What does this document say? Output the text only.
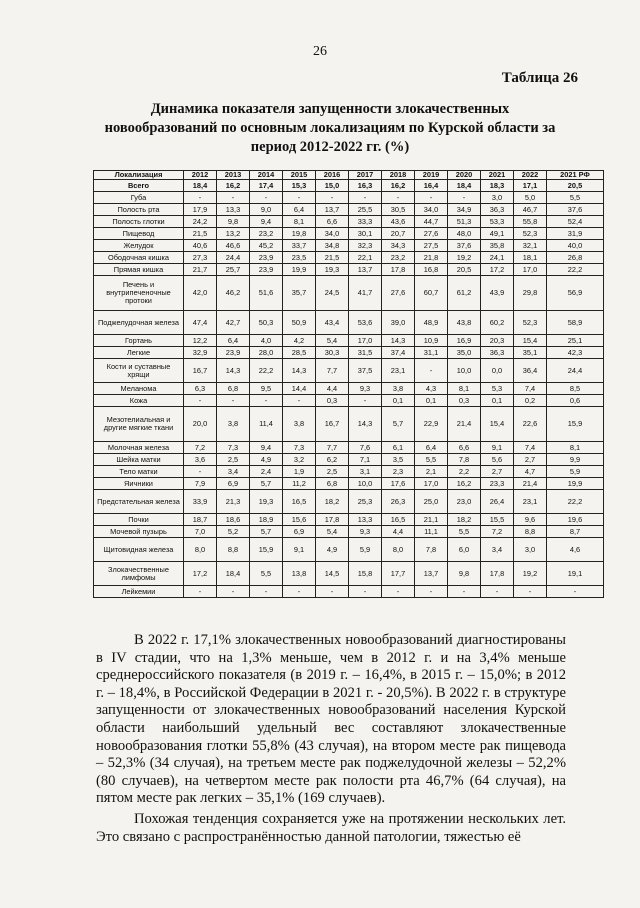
26
Таблица 26
Динамика показателя запущенности злокачественных
новообразований по основным локализациям по Курской области за
период 2012-2022 гг. (%)
Локализация	2012	2013	2014	2015	2016	2017	2018	2019	2020	2021	2022	2021 РФ
Всего	18,4	16,2	17,4	15,3	15,0	16,3	16,2	16,4	18,4	18,3	17,1	20,5
Губа	-	-	-	-	-	-	-	-	-	3,0	5,0	5,5
Полость рта	17,9	13,3	9,0	6,4	13,7	25,5	30,5	34,0	34,9	36,3	46,7	37,6
Полость глотки	24,2	9,8	9,4	8,1	6,6	33,3	43,6	44,7	51,3	53,3	55,8	52,4
Пищевод	21,5	13,2	23,2	19,8	34,0	30,1	20,7	27,6	48,0	49,1	52,3	31,9
Желудок	40,6	46,6	45,2	33,7	34,8	32,3	34,3	27,5	37,6	35,8	32,1	40,0
Ободочная кишка	27,3	24,4	23,9	23,5	21,5	22,1	23,2	21,8	19,2	24,1	18,1	26,8
Прямая кишка	21,7	25,7	23,9	19,9	19,3	13,7	17,8	16,8	20,5	17,2	17,0	22,2
Печень и внутрипеченочные протоки	42,0	46,2	51,6	35,7	24,5	41,7	27,6	60,7	61,2	43,9	29,8	56,9
Поджелудочная железа	47,4	42,7	50,3	50,9	43,4	53,6	39,0	48,9	43,8	60,2	52,3	58,9
Гортань	12,2	6,4	4,0	4,2	5,4	17,0	14,3	10,9	16,9	20,3	15,4	25,1
Легкие	32,9	23,9	28,0	28,5	30,3	31,5	37,4	31,1	35,0	36,3	35,1	42,3
Кости и суставные хрящи	16,7	14,3	22,2	14,3	7,7	37,5	23,1	-	10,0	0,0	36,4	24,4
Меланома	6,3	6,8	9,5	14,4	4,4	9,3	3,8	4,3	8,1	5,3	7,4	8,5
Кожа	-	-	-	-	0,3	-	0,1	0,1	0,3	0,1	0,2	0,6
Мезотелиальная и другие мягкие ткани	20,0	3,8	11,4	3,8	16,7	14,3	5,7	22,9	21,4	15,4	22,6	15,9
Молочная железа	7,2	7,3	9,4	7,3	7,7	7,6	6,1	6,4	6,6	9,1	7,4	8,1
Шейка матки	3,6	2,5	4,9	3,2	6,2	7,1	3,5	5,5	7,8	5,6	2,7	9,9
Тело матки	-	3,4	2,4	1,9	2,5	3,1	2,3	2,1	2,2	2,7	4,7	5,9
Яичники	7,9	6,9	5,7	11,2	6,8	10,0	17,6	17,0	16,2	23,3	21,4	19,9
Предстательная железа	33,9	21,3	19,3	16,5	18,2	25,3	26,3	25,0	23,0	26,4	23,1	22,2
Почки	18,7	18,6	18,9	15,6	17,8	13,3	16,5	21,1	18,2	15,5	9,6	19,6
Мочевой пузырь	7,0	5,2	5,7	6,9	5,4	9,3	4,4	11,1	5,5	7,2	8,8	8,7
Щитовидная железа	8,0	8,8	15,9	9,1	4,9	5,9	8,0	7,8	6,0	3,4	3,0	4,6
Злокачественные лимфомы	17,2	18,4	5,5	13,8	14,5	15,8	17,7	13,7	9,8	17,8	19,2	19,1
Лейкемии	-	-	-	-	-	-	-	-	-	-	-	-

В 2022 г. 17,1% злокачественных новообразований диагностированы в IV стадии, что на 1,3% меньше, чем в 2012 г. и на 3,4% меньше среднероссийского показателя (в 2019 г. – 16,4%, в 2015 г. – 15,0%; в 2012 г. – 18,4%, в Российской Федерации в 2021 г. - 20,5%). В 2022 г. в структуре запущенности от злокачественных новообразований населения Курской области наибольший удельный вес составляют злокачественные новообразования глотки 55,8% (43 случая), на втором месте рак пищевода – 52,3% (34 случая), на третьем месте рак поджелудочной железы – 52,2% (80 случаев), на четвертом месте рак полости рта 46,7% (64 случая), на пятом месте рак легких – 35,1% (169 случаев).

Похожая тенденция сохраняется уже на протяжении нескольких лет. Это связано с распространённостью данной патологии, тяжестью её
